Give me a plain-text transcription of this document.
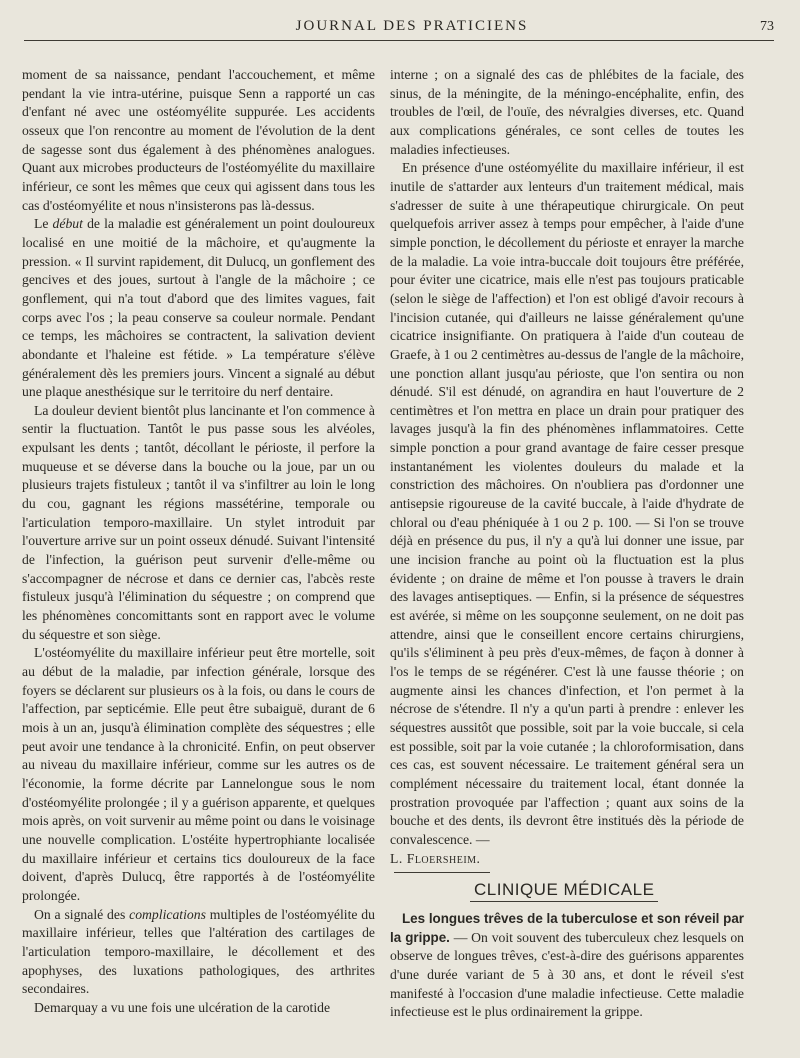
JOURNAL DES PRATICIENS	73

moment de sa naissance, pendant l'accouchement, et même pendant la vie intra-utérine, puisque Senn a rapporté un cas d'enfant né avec une ostéomyélite suppurée. Les accidents osseux que l'on rencontre au moment de l'évolution de la dent de sagesse sont dus également à des phénomènes analogues. Quant aux microbes producteurs de l'ostéomyélite du maxillaire inférieur, ce sont les mêmes que ceux qui agissent dans tous les cas d'ostéomyélite et nous n'insisterons pas là-dessus.

Le début de la maladie est généralement un point douloureux localisé en une moitié de la mâchoire, et qu'augmente la pression. « Il survint rapidement, dit Dulucq, un gonflement des gencives et des joues, surtout à l'angle de la mâchoire ; ce gonflement, qui n'a tout d'abord que des limites vagues, fait corps avec l'os ; la peau conserve sa couleur normale. Pendant ce temps, les mâchoires se contractent, la salivation devient abondante et l'haleine est fétide. » La température s'élève généralement dès les premiers jours. Vincent a signalé au début une plaque anesthésique sur le territoire du nerf dentaire.

La douleur devient bientôt plus lancinante et l'on commence à sentir la fluctuation. Tantôt le pus passe sous les alvéoles, expulsant les dents ; tantôt, décollant le périoste, il perfore la muqueuse et se déverse dans la bouche ou la joue, par un ou plusieurs trajets fistuleux ; tantôt il va s'infiltrer au loin le long du cou, gagnant les régions massétérine, temporale ou l'articulation temporo-maxillaire. Un stylet introduit par l'ouverture arrive sur un point osseux dénudé. Suivant l'intensité de l'infection, la guérison peut survenir d'elle-même ou s'accompagner de nécrose et dans ce dernier cas, l'abcès reste fistuleux jusqu'à l'élimination du séquestre ; on comprend que les phénomènes concomittants sont en rapport avec le volume du séquestre et son siège.

L'ostéomyélite du maxillaire inférieur peut être mortelle, soit au début de la maladie, par infection générale, lorsque des foyers se déclarent sur plusieurs os à la fois, ou dans le cours de l'affection, par septicémie. Elle peut être subaiguë, durant de 6 mois à un an, jusqu'à élimination complète des séquestres ; elle peut avoir une tendance à la chronicité. Enfin, on peut observer au niveau du maxillaire inférieur, comme sur les autres os de l'économie, la forme décrite par Lannelongue sous le nom d'ostéomyélite prolongée ; il y a guérison apparente, et quelques mois après, on voit survenir au même point ou dans le voisinage une nouvelle complication. L'ostéite hypertrophiante localisée du maxillaire inférieur et certains tics douloureux de la face doivent, d'après Dulucq, être rapportés à de l'ostéomyélite prolongée.

On a signalé des complications multiples de l'ostéomyélite du maxillaire inférieur, telles que l'altération des cartilages de l'articulation temporo-maxillaire, le décollement et des apophyses, des luxations pathologiques, des arthrites secondaires.

Demarquay a vu une fois une ulcération de la carotide

interne ; on a signalé des cas de phlébites de la faciale, des sinus, de la méningite, de la méningo-encéphalite, enfin, des troubles de l'œil, de l'ouïe, des névralgies diverses, etc. Quand aux complications générales, ce sont celles de toutes les maladies infectieuses.

En présence d'une ostéomyélite du maxillaire inférieur, il est inutile de s'attarder aux lenteurs d'un traitement médical, mais s'adresser de suite à une thérapeutique chirurgicale. On peut quelquefois arriver assez à temps pour empêcher, à l'aide d'une simple ponction, le décollement du périoste et enrayer la marche de la maladie. La voie intra-buccale doit toujours être préférée, pour éviter une cicatrice, mais elle n'est pas toujours praticable (selon le siège de l'affection) et l'on est obligé d'avoir recours à l'incision cutanée, qui d'ailleurs ne laisse généralement qu'une cicatrice insignifiante. On pratiquera à l'aide d'un couteau de Graefe, à 1 ou 2 centimètres au-dessus de l'angle de la mâchoire, une ponction allant jusqu'au périoste, que l'on sentira ou non dénudé. S'il est dénudé, on agrandira en haut l'ouverture de 2 centimètres et l'on mettra en place un drain pour pratiquer des lavages jusqu'à la fin des phénomènes inflammatoires. Cette simple ponction a pour grand avantage de faire cesser presque instantanément les violentes douleurs du malade et la constriction des mâchoires. On n'oubliera pas d'ordonner une antisepsie rigoureuse de la cavité buccale, à l'aide d'hydrate de chloral ou d'eau phéniquée à 1 ou 2 p. 100. — Si l'on se trouve déjà en présence du pus, il n'y a qu'à lui donner une issue, par une incision franche au point où la fluctuation est la plus évidente ; on draine de même et l'on pousse à travers le drain des lavages antiseptiques. — Enfin, si la présence de séquestres est avérée, si même on les soupçonne seulement, on ne doit pas attendre, ainsi que le conseillent encore certains chirurgiens, qu'ils s'éliminent à peu près d'eux-mêmes, de façon à donner à l'os le temps de se régénérer. C'est là une fausse théorie ; on augmente ainsi les chances d'infection, et l'on permet à la nécrose de s'étendre. Il n'y a qu'un parti à prendre : enlever les séquestres aussitôt que possible, soit par la voie buccale, si cela est possible, soit par la voie cutanée ; la chloroformisation, dans ces cas, est souvent nécessaire. Le traitement général sera un complément nécessaire du traitement local, étant donnée la prostration provoquée par l'affection ; quant aux soins de la bouche et des dents, ils devront être institués dès la période de convalescence. —

L. Floersheim.

CLINIQUE MÉDICALE

Les longues trêves de la tuberculose et son réveil par la grippe. — On voit souvent des tuberculeux chez lesquels on observe de longues trêves, c'est-à-dire des guérisons apparentes d'une durée variant de 5 à 30 ans, et dont le réveil s'est manifesté à l'occasion d'une maladie infectieuse. Cette maladie infectieuse est le plus ordinairement la grippe.
